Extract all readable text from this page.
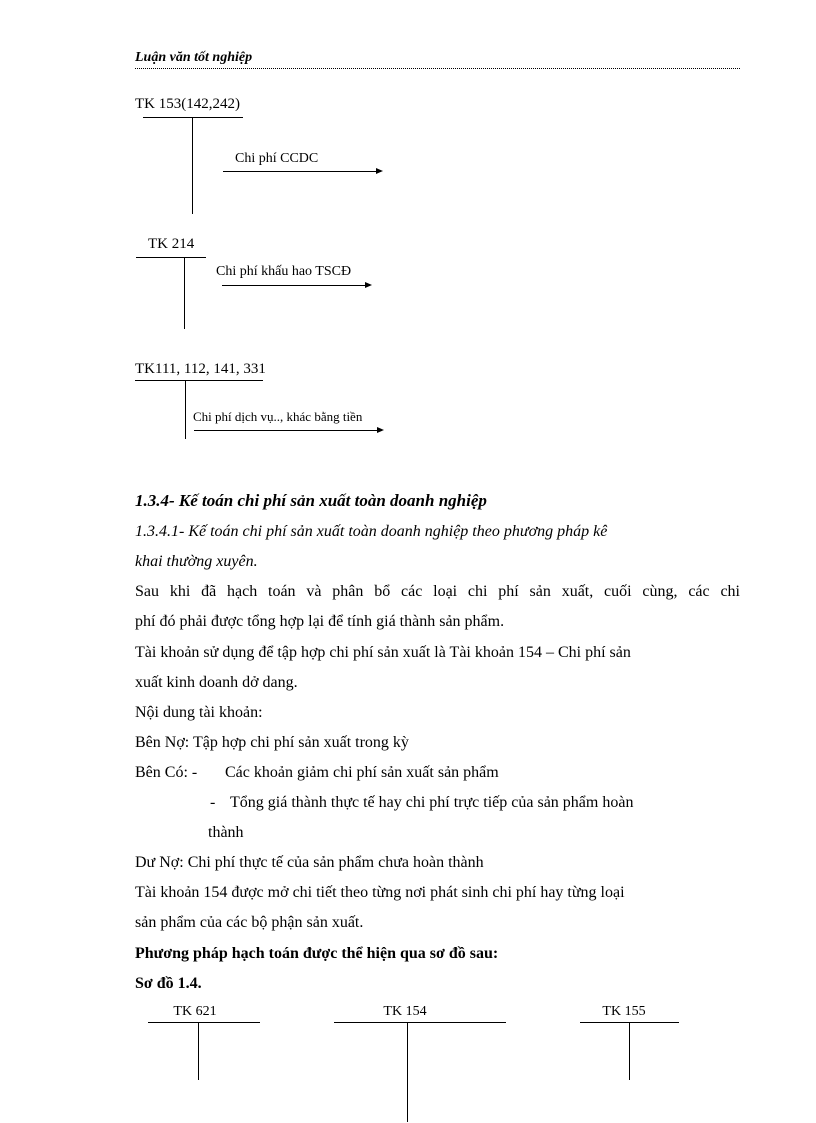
Luận văn tốt nghiệp
TK 153(142,242)
Chi phí CCDC
TK 214
Chi phí khấu hao TSCĐ
TK111, 112, 141, 331
Chi phí dịch vụ.., khác bằng tiền
1.3.4- Kế toán chi phí sản xuất toàn doanh nghiệp
1.3.4.1- Kế toán chi phí sản xuất toàn doanh nghiệp theo phương pháp kê
khai thường xuyên.
Sau khi đã hạch toán và phân bổ các loại chi phí sản xuất, cuối cùng, các chi
phí đó phải được tổng hợp lại để tính giá thành sản phẩm.
Tài khoản sử dụng để tập hợp chi phí sản xuất là Tài khoản 154 – Chi phí sản
xuất kinh doanh dở dang.
Nội dung tài khoản:
Bên Nợ: Tập hợp chi phí sản xuất trong kỳ
Bên Có: - Các khoản giảm chi phí sản xuất sản phẩm
- Tổng giá thành thực tế hay chi phí trực tiếp của sản phẩm hoàn
thành
Dư Nợ: Chi phí thực tế của sản phẩm chưa hoàn thành
Tài khoản 154 được mở chi tiết theo từng nơi phát sinh chi phí hay từng loại
sản phẩm của các bộ phận sản xuất.
Phương pháp hạch toán được thể hiện qua sơ đồ sau:
Sơ đồ 1.4.
TK 621	TK 154	TK 155
